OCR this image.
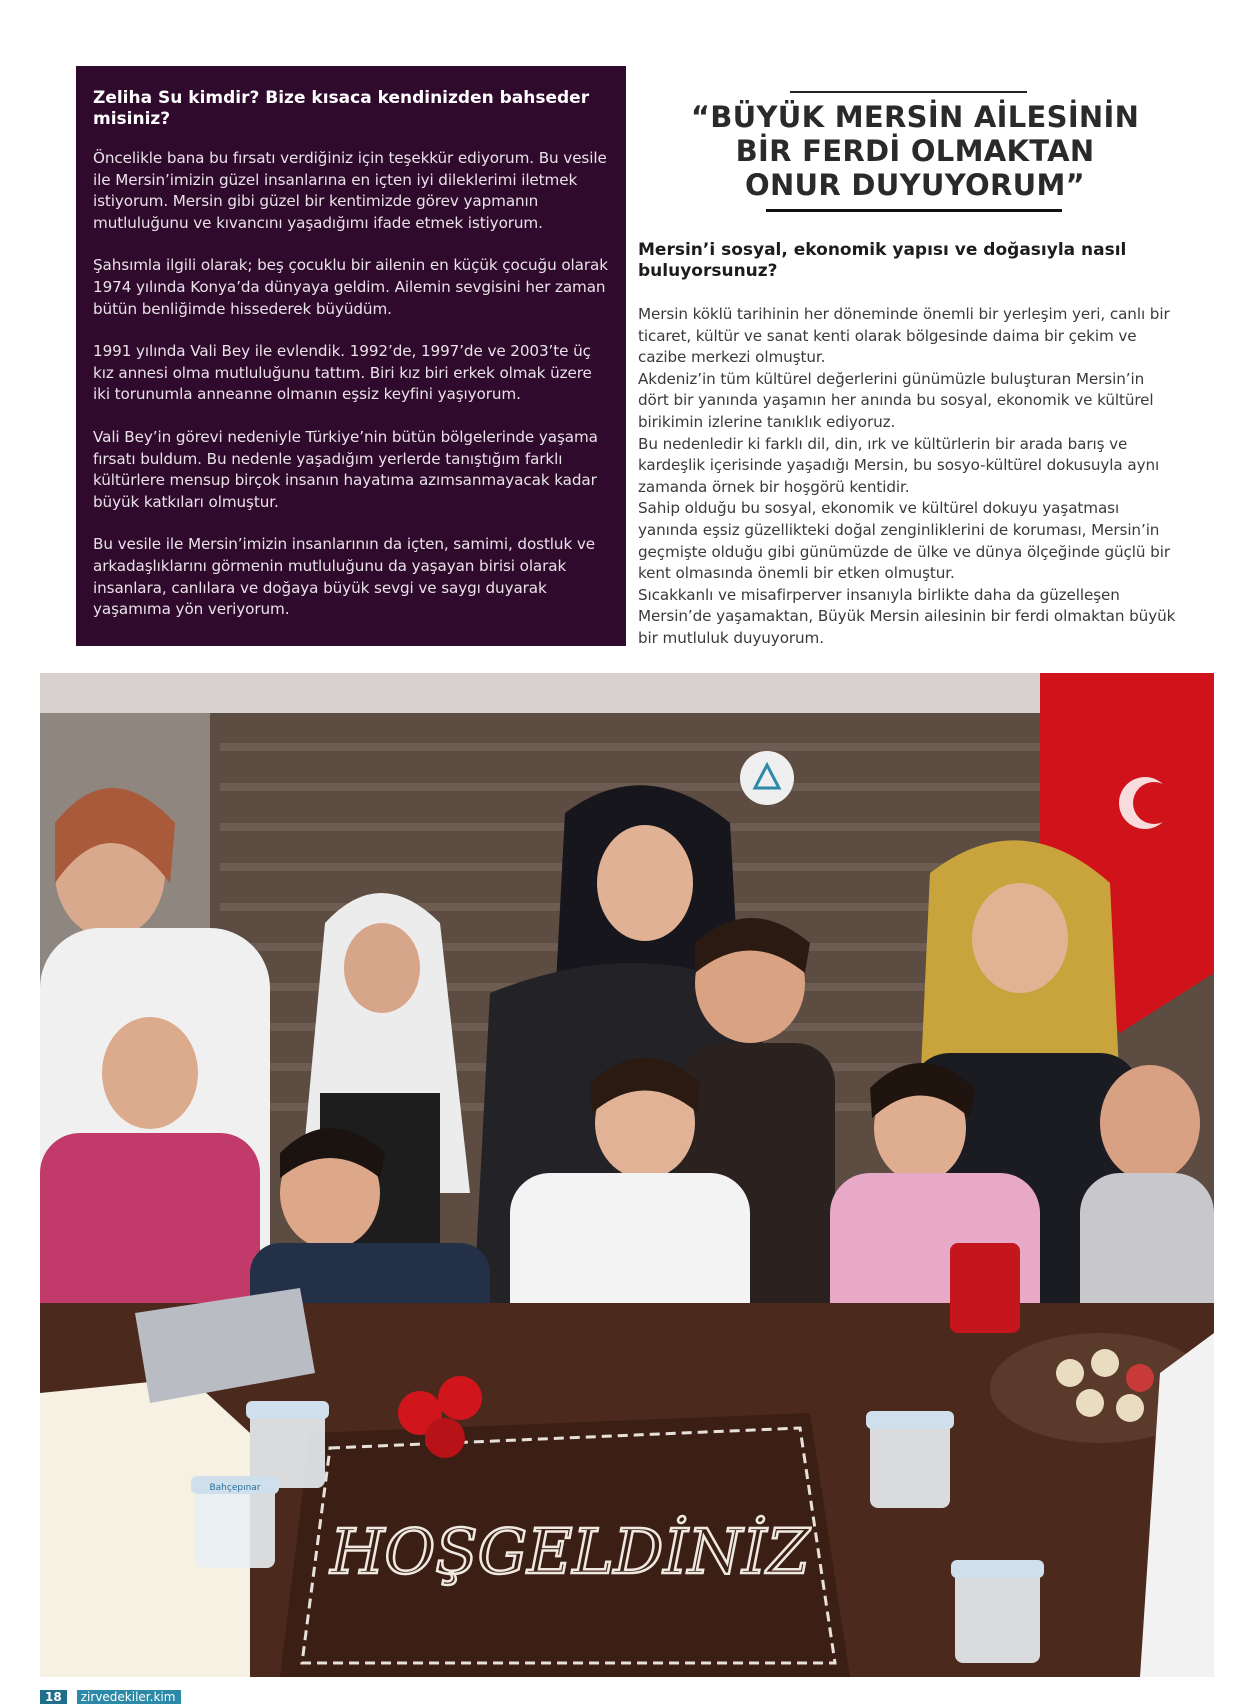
Zeliha Su kimdir? Bize kısaca kendinizden bahseder misiniz?

Öncelikle bana bu fırsatı verdiğiniz için teşekkür ediyorum. Bu vesile ile Mersin’imizin güzel insanlarına en içten iyi dileklerimi iletmek istiyorum. Mersin gibi güzel bir kentimizde görev yapmanın mutluluğunu ve kıvancını yaşadığımı ifade etmek istiyorum.

Şahsımla ilgili olarak; beş çocuklu bir ailenin en küçük çocuğu olarak 1974 yılında Konya’da dünyaya geldim. Ailemin sevgisini her zaman bütün benliğimde hissederek büyüdüm.

1991 yılında Vali Bey ile evlendik. 1992’de, 1997’de ve 2003’te üç kız annesi olma mutluluğunu tattım. Biri kız biri erkek olmak üzere iki torunumla anneanne olmanın eşsiz keyfini yaşıyorum.

Vali Bey’in görevi nedeniyle Türkiye’nin bütün bölgelerinde yaşama fırsatı buldum. Bu nedenle yaşadığım yerlerde tanıştığım farklı kültürlere mensup birçok insanın hayatıma azımsanmayacak kadar büyük katkıları olmuştur.

Bu vesile ile Mersin’imizin insanlarının da içten, samimi, dostluk ve arkadaşlıklarını görmenin mutluluğunu da yaşayan birisi olarak insanlara, canlılara ve doğaya büyük sevgi ve saygı duyarak yaşamıma yön veriyorum.

“BÜYÜK MERSİN AİLESİNİN BİR FERDİ OLMAKTAN ONUR DUYUYORUM”
Mersin’i sosyal, ekonomik yapısı ve doğasıyla nasıl buluyorsunuz?

Mersin köklü tarihinin her döneminde önemli bir yerleşim yeri, canlı bir ticaret, kültür ve sanat kenti olarak bölgesinde daima bir çekim ve cazibe merkezi olmuştur.

Akdeniz’in tüm kültürel değerlerini günümüzle buluşturan Mersin’in dört bir yanında yaşamın her anında bu sosyal, ekonomik ve kültürel birikimin izlerine tanıklık ediyoruz.

Bu nedenledir ki farklı dil, din, ırk ve kültürlerin bir arada barış ve kardeşlik içerisinde yaşadığı Mersin, bu sosyo-kültürel dokusuyla aynı zamanda örnek bir hoşgörü kentidir.

Sahip olduğu bu sosyal, ekonomik ve kültürel dokuyu yaşatması yanında eşsiz güzellikteki doğal zenginliklerini de koruması, Mersin’in geçmişte olduğu gibi günümüzde de ülke ve dünya ölçeğinde güçlü bir kent olmasında önemli bir etken olmuştur.

Sıcakkanlı ve misafirperver insanıyla birlikte daha da güzelleşen Mersin’de yaşamaktan, Büyük Mersin ailesinin bir ferdi olmaktan büyük bir mutluluk duyuyorum.

HOŞGELDİNİZ
Bahçepınar
18 | zirvedekiler.kim
